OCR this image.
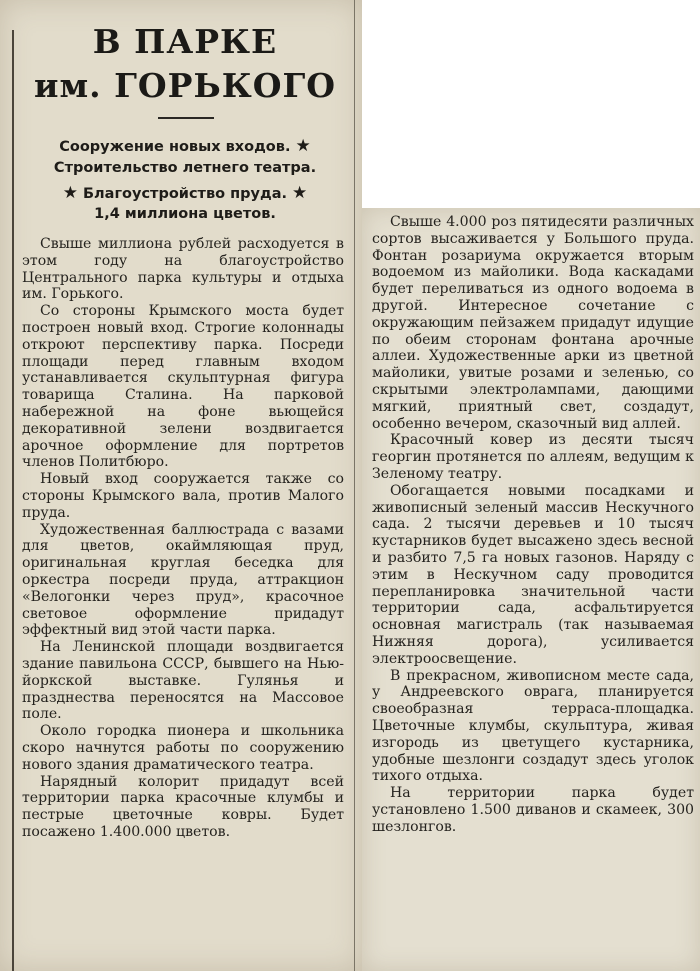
В ПАРКЕ
им. ГОРЬКОГО
Сооружение новых входов. ★
Строительство летнего театра.
★ Благоустройство пруда. ★
1,4 миллиона цветов.

Свыше миллиона рублей расходуется в этом году на благоустройство Центрального парка культуры и отдыха им. Горького.

Со стороны Крымского моста будет построен новый вход. Строгие колоннады откроют перспективу парка. Посреди площади перед главным входом устанавливается скульптурная фигура товарища Сталина. На парковой набережной на фоне вьющейся декоративной зелени воздвигается арочное оформление для портретов членов Политбюро.

Новый вход сооружается также со стороны Крымского вала, против Малого пруда.

Художественная баллюстрада с вазами для цветов, окаймляющая пруд, оригинальная круглая беседка для оркестра посреди пруда, аттракцион «Велогонки через пруд», красочное световое оформление придадут эффектный вид этой части парка.

На Ленинской площади воздвигается здание павильона СССР, бывшего на Нью-йоркской выставке. Гулянья и празднества переносятся на Массовое поле.

Около городка пионера и школьника скоро начнутся работы по сооружению нового здания драматического театра.

Нарядный колорит придадут всей территории парка красочные клумбы и пестрые цветочные ковры. Будет посажено 1.400.000 цветов.

Свыше 4.000 роз пятидесяти различных сортов высаживается у Большого пруда. Фонтан розариума окружается вторым водоемом из майолики. Вода каскадами будет переливаться из одного водоема в другой. Интересное сочетание с окружающим пейзажем придадут идущие по обеим сторонам фонтана арочные аллеи. Художественные арки из цветной майолики, увитые розами и зеленью, со скрытыми электролампами, дающими мягкий, приятный свет, создадут, особенно вечером, сказочный вид аллей.

Красочный ковер из десяти тысяч георгин протянется по аллеям, ведущим к Зеленому театру.

Обогащается новыми посадками и живописный зеленый массив Нескучного сада. 2 тысячи деревьев и 10 тысяч кустарников будет высажено здесь весной и разбито 7,5 га новых газонов. Наряду с этим в Нескучном саду проводится перепланировка значительной части территории сада, асфальтируется основная магистраль (так называемая Нижняя дорога), усиливается электроосвещение.

В прекрасном, живописном месте сада, у Андреевского оврага, планируется своеобразная терраса-площадка. Цветочные клумбы, скульптура, живая изгородь из цветущего кустарника, удобные шезлонги создадут здесь уголок тихого отдыха.

На территории парка будет установлено 1.500 диванов и скамеек, 300 шезлонгов.
